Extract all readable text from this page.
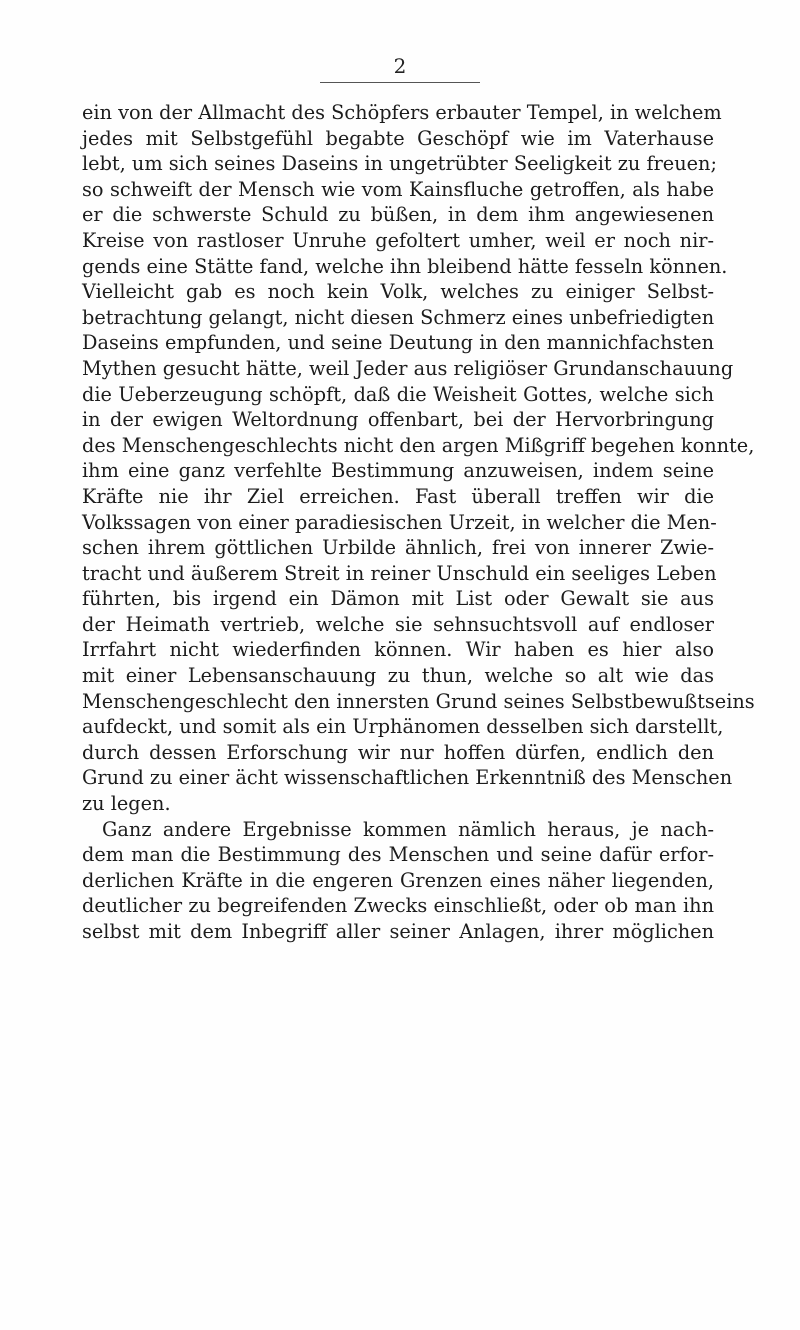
2
ein von der Allmacht des Schöpfers erbauter Tempel, in welchem
jedes mit Selbstgefühl begabte Geschöpf wie im Vaterhause
lebt, um sich seines Daseins in ungetrübter Seeligkeit zu freuen;
so schweift der Mensch wie vom Kainsfluche getroffen, als habe
er die schwerste Schuld zu büßen, in dem ihm angewiesenen
Kreise von rastloser Unruhe gefoltert umher, weil er noch nir-
gends eine Stätte fand, welche ihn bleibend hätte fesseln können.
Vielleicht gab es noch kein Volk, welches zu einiger Selbst-
betrachtung gelangt, nicht diesen Schmerz eines unbefriedigten
Daseins empfunden, und seine Deutung in den mannichfachsten
Mythen gesucht hätte, weil Jeder aus religiöser Grundanschauung
die Ueberzeugung schöpft, daß die Weisheit Gottes, welche sich
in der ewigen Weltordnung offenbart, bei der Hervorbringung
des Menschengeschlechts nicht den argen Mißgriff begehen konnte,
ihm eine ganz verfehlte Bestimmung anzuweisen, indem seine
Kräfte nie ihr Ziel erreichen. Fast überall treffen wir die
Volkssagen von einer paradiesischen Urzeit, in welcher die Men-
schen ihrem göttlichen Urbilde ähnlich, frei von innerer Zwie-
tracht und äußerem Streit in reiner Unschuld ein seeliges Leben
führten, bis irgend ein Dämon mit List oder Gewalt sie aus
der Heimath vertrieb, welche sie sehnsuchtsvoll auf endloser
Irrfahrt nicht wiederfinden können. Wir haben es hier also
mit einer Lebensanschauung zu thun, welche so alt wie das
Menschengeschlecht den innersten Grund seines Selbstbewußtseins
aufdeckt, und somit als ein Urphänomen desselben sich darstellt,
durch dessen Erforschung wir nur hoffen dürfen, endlich den
Grund zu einer ächt wissenschaftlichen Erkenntniß des Menschen
zu legen.
Ganz andere Ergebnisse kommen nämlich heraus, je nach-
dem man die Bestimmung des Menschen und seine dafür erfor-
derlichen Kräfte in die engeren Grenzen eines näher liegenden,
deutlicher zu begreifenden Zwecks einschließt, oder ob man ihn
selbst mit dem Inbegriff aller seiner Anlagen, ihrer möglichen
